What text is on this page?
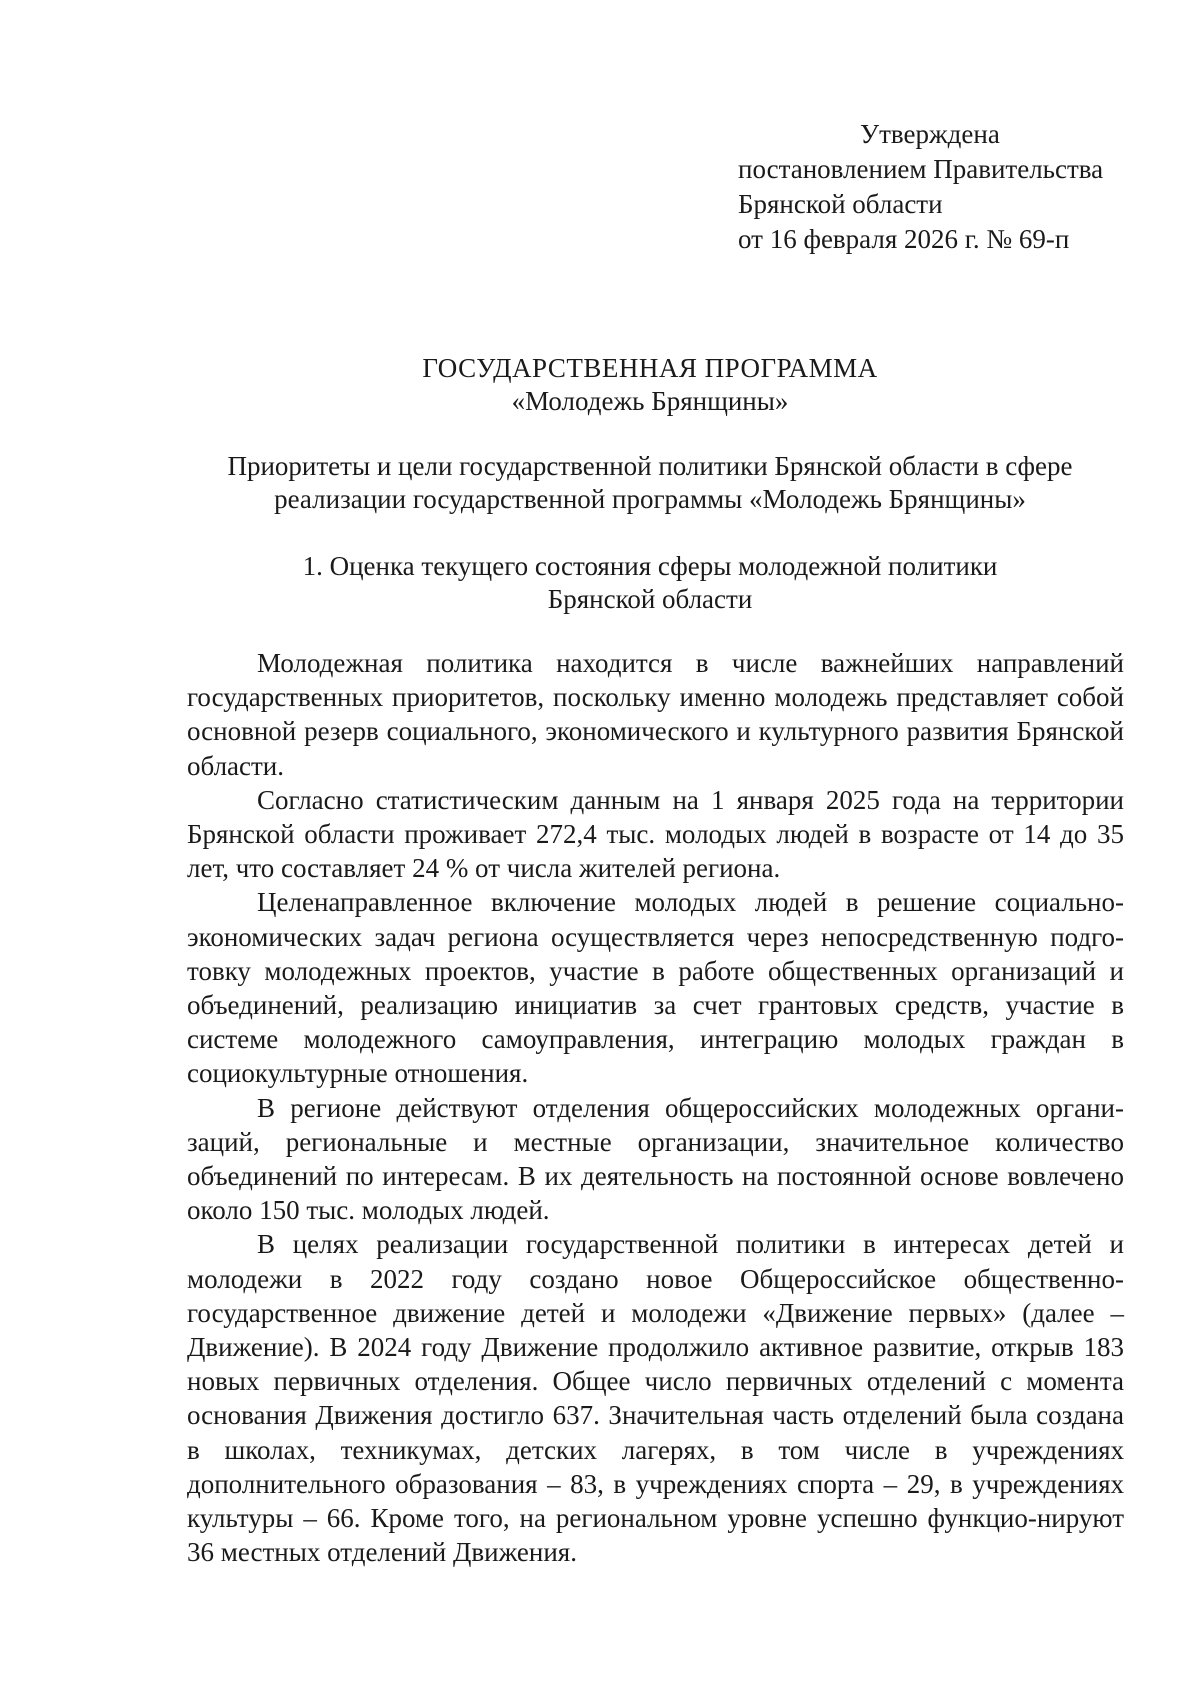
Утверждена
постановлением Правительства
Брянской области
от 16 февраля 2026 г. № 69-п
ГОСУДАРСТВЕННАЯ ПРОГРАММА
«Молодежь Брянщины»
Приоритеты и цели государственной политики Брянской области в сфере
реализации государственной программы «Молодежь Брянщины»
1. Оценка текущего состояния сферы молодежной политики
Брянской области

Молодежная политика находится в числе важнейших направлений государственных приоритетов, поскольку именно молодежь представляет собой основной резерв социального, экономического и культурного развития Брянской области.

Согласно статистическим данным на 1 января 2025 года на территории Брянской области проживает 272,4 тыс. молодых людей в возрасте от 14 до 35 лет, что составляет 24 % от числа жителей региона.

Целенаправленное включение молодых людей в решение социально-экономических задач региона осуществляется через непосредственную подго-товку молодежных проектов, участие в работе общественных организаций и объединений, реализацию инициатив за счет грантовых средств, участие в системе молодежного самоуправления, интеграцию молодых граждан в социокультурные отношения.

В регионе действуют отделения общероссийских молодежных органи-заций, региональные и местные организации, значительное количество объединений по интересам. В их деятельность на постоянной основе вовлечено около 150 тыс. молодых людей.

В целях реализации государственной политики в интересах детей и молодежи в 2022 году создано новое Общероссийское общественно-государственное движение детей и молодежи «Движение первых» (далее – Движение). В 2024 году Движение продолжило активное развитие, открыв 183 новых первичных отделения. Общее число первичных отделений с момента основания Движения достигло 637. Значительная часть отделений была создана в школах, техникумах, детских лагерях, в том числе в учреждениях дополнительного образования – 83, в учреждениях спорта – 29, в учреждениях культуры – 66. Кроме того, на региональном уровне успешно функцио-нируют 36 местных отделений Движения.
